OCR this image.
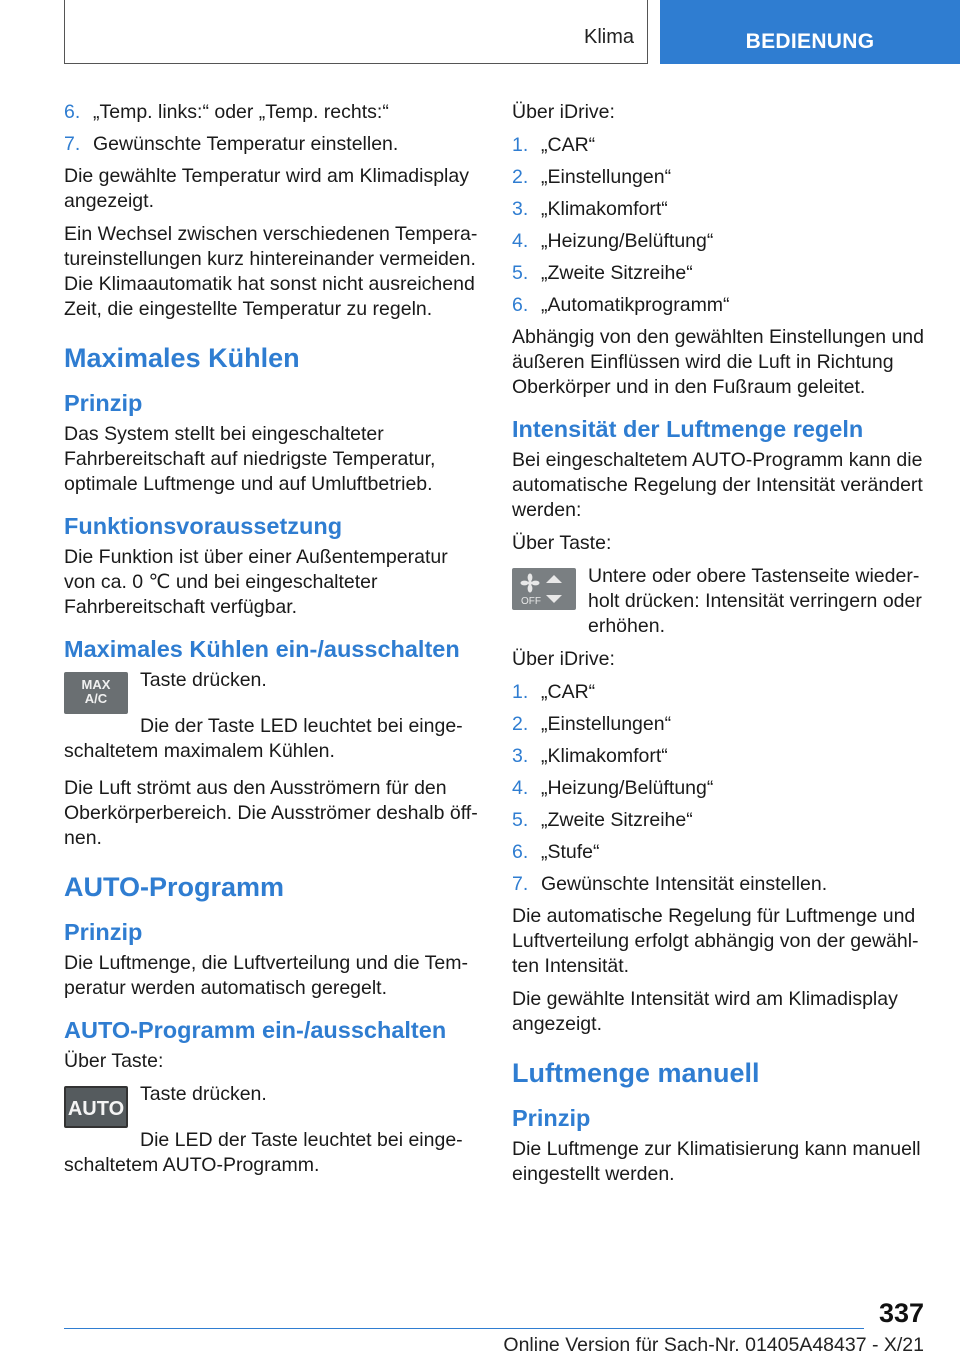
Klima	BEDIENUNG
6. „Temp. links:“ oder „Temp. rechts:“
7. Gewünschte Temperatur einstellen.

Die gewählte Temperatur wird am Klimadisplay angezeigt.

Ein Wechsel zwischen verschiedenen Temperatureinstellungen kurz hintereinander vermeiden. Die Klimaautomatik hat sonst nicht ausreichend Zeit, die eingestellte Temperatur zu regeln.

Maximales Kühlen
Prinzip

Das System stellt bei eingeschalteter Fahrbereitschaft auf niedrigste Temperatur, optimale Luftmenge und auf Umluftbetrieb.

Funktionsvoraussetzung

Die Funktion ist über einer Außentemperatur von ca. 0 ℃ und bei eingeschalteter Fahrbereitschaft verfügbar.

Maximales Kühlen ein-/ausschalten
MAX
A/C

Taste drücken.

Die der Taste LED leuchtet bei eingeschaltetem maximalem Kühlen.

Die Luft strömt aus den Ausströmern für den Oberkörperbereich. Die Ausströmer deshalb öffnen.

AUTO-Programm
Prinzip

Die Luftmenge, die Luftverteilung und die Temperatur werden automatisch geregelt.

AUTO-Programm ein-/ausschalten

Über Taste:

AUTO

Taste drücken.

Die LED der Taste leuchtet bei eingeschaltetem AUTO-Programm.

Über iDrive:

1. „CAR“
2. „Einstellungen“
3. „Klimakomfort“
4. „Heizung/Belüftung“
5. „Zweite Sitzreihe“
6. „Automatikprogramm“

Abhängig von den gewählten Einstellungen und äußeren Einflüssen wird die Luft in Richtung Oberkörper und in den Fußraum geleitet.

Intensität der Luftmenge regeln

Bei eingeschaltetem AUTO-Programm kann die automatische Regelung der Intensität verändert werden:

Über Taste:

OFF

Untere oder obere Tastenseite wiederholt drücken: Intensität verringern oder erhöhen.

Über iDrive:

1. „CAR“
2. „Einstellungen“
3. „Klimakomfort“
4. „Heizung/Belüftung“
5. „Zweite Sitzreihe“
6. „Stufe“
7. Gewünschte Intensität einstellen.

Die automatische Regelung für Luftmenge und Luftverteilung erfolgt abhängig von der gewählten Intensität.

Die gewählte Intensität wird am Klimadisplay angezeigt.

Luftmenge manuell
Prinzip

Die Luftmenge zur Klimatisierung kann manuell eingestellt werden.

337
Online Version für Sach-Nr. 01405A48437 - X/21
